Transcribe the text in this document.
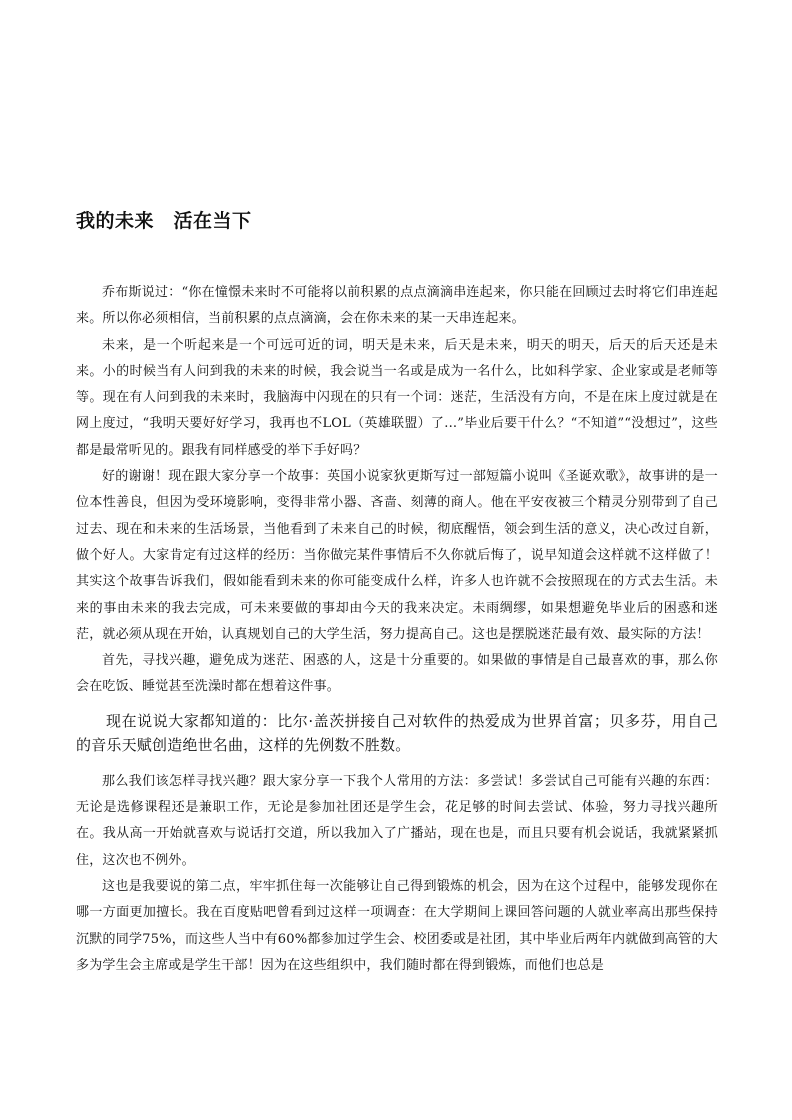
我的未来　活在当下

乔布斯说过：“你在憧憬未来时不可能将以前积累的点点滴滴串连起来，你只能在回顾过去时将它们串连起来。所以你必须相信，当前积累的点点滴滴，会在你未来的某一天串连起来。

未来，是一个听起来是一个可远可近的词，明天是未来，后天是未来，明天的明天，后天的后天还是未来。小的时候当有人问到我的未来的时候，我会说当一名或是成为一名什么，比如科学家、企业家或是老师等等。现在有人问到我的未来时，我脑海中闪现在的只有一个词：迷茫，生活没有方向，不是在床上度过就是在网上度过，“我明天要好好学习，我再也不LOL（英雄联盟）了...”毕业后要干什么？“不知道”“没想过”，这些都是最常听见的。跟我有同样感受的举下手好吗？

好的谢谢！现在跟大家分享一个故事：英国小说家狄更斯写过一部短篇小说叫《圣诞欢歌》，故事讲的是一位本性善良，但因为受环境影响，变得非常小器、吝啬、刻薄的商人。他在平安夜被三个精灵分别带到了自己过去、现在和未来的生活场景，当他看到了未来自己的时候，彻底醒悟，领会到生活的意义，决心改过自新，做个好人。大家肯定有过这样的经历：当你做完某件事情后不久你就后悔了，说早知道会这样就不这样做了！其实这个故事告诉我们，假如能看到未来的你可能变成什么样，许多人也许就不会按照现在的方式去生活。未来的事由未来的我去完成，可未来要做的事却由今天的我来决定。未雨绸缪，如果想避免毕业后的困惑和迷茫，就必须从现在开始，认真规划自己的大学生活，努力提高自己。这也是摆脱迷茫最有效、最实际的方法！

首先，寻找兴趣，避免成为迷茫、困惑的人，这是十分重要的。如果做的事情是自己最喜欢的事，那么你会在吃饭、睡觉甚至洗澡时都在想着这件事。

现在说说大家都知道的：比尔·盖茨拼接自己对软件的热爱成为世界首富；贝多芬，用自己的音乐天赋创造绝世名曲，这样的先例数不胜数。

那么我们该怎样寻找兴趣？跟大家分享一下我个人常用的方法：多尝试！多尝试自己可能有兴趣的东西：无论是选修课程还是兼职工作，无论是参加社团还是学生会，花足够的时间去尝试、体验，努力寻找兴趣所在。我从高一开始就喜欢与说话打交道，所以我加入了广播站，现在也是，而且只要有机会说话，我就紧紧抓住，这次也不例外。

这也是我要说的第二点，牢牢抓住每一次能够让自己得到锻炼的机会，因为在这个过程中，能够发现你在哪一方面更加擅长。我在百度贴吧曾看到过这样一项调查：在大学期间上课回答问题的人就业率高出那些保持沉默的同学75%，而这些人当中有60%都参加过学生会、校团委或是社团，其中毕业后两年内就做到高管的大多为学生会主席或是学生干部！因为在这些组织中，我们随时都在得到锻炼，而他们也总是
